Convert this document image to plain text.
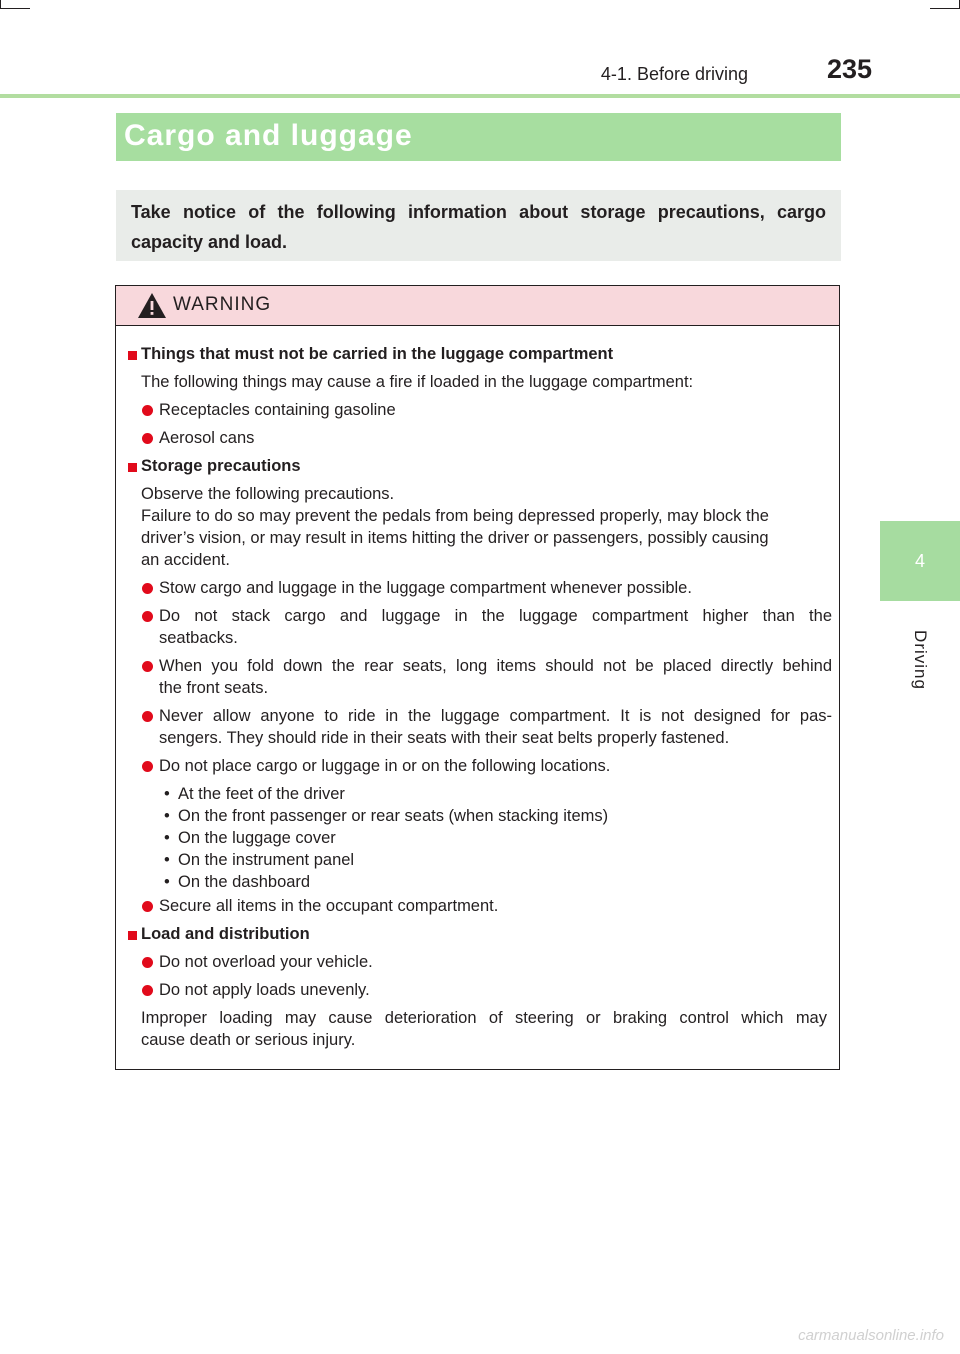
4-1. Before driving	235
4
Driving
Cargo and luggage
Take notice of the following information about storage precautions, cargo capacity and load.
WARNING
Things that must not be carried in the luggage compartment
The following things may cause a fire if loaded in the luggage compartment:
Receptacles containing gasoline
Aerosol cans
Storage precautions
Observe the following precautions.
Failure to do so may prevent the pedals from being depressed properly, may block the
driver’s vision, or may result in items hitting the driver or passengers, possibly causing
an accident.
Stow cargo and luggage in the luggage compartment whenever possible.
Do not stack cargo and luggage in the luggage compartment higher than the
seatbacks.
When you fold down the rear seats, long items should not be placed directly behind
the front seats.
Never allow anyone to ride in the luggage compartment. It is not designed for pas-
sengers. They should ride in their seats with their seat belts properly fastened.
Do not place cargo or luggage in or on the following locations.
• At the feet of the driver
• On the front passenger or rear seats (when stacking items)
• On the luggage cover
• On the instrument panel
• On the dashboard
Secure all items in the occupant compartment.
Load and distribution
Do not overload your vehicle.
Do not apply loads unevenly.
Improper loading may cause deterioration of steering or braking control which may
cause death or serious injury.
carmanualsonline.info
